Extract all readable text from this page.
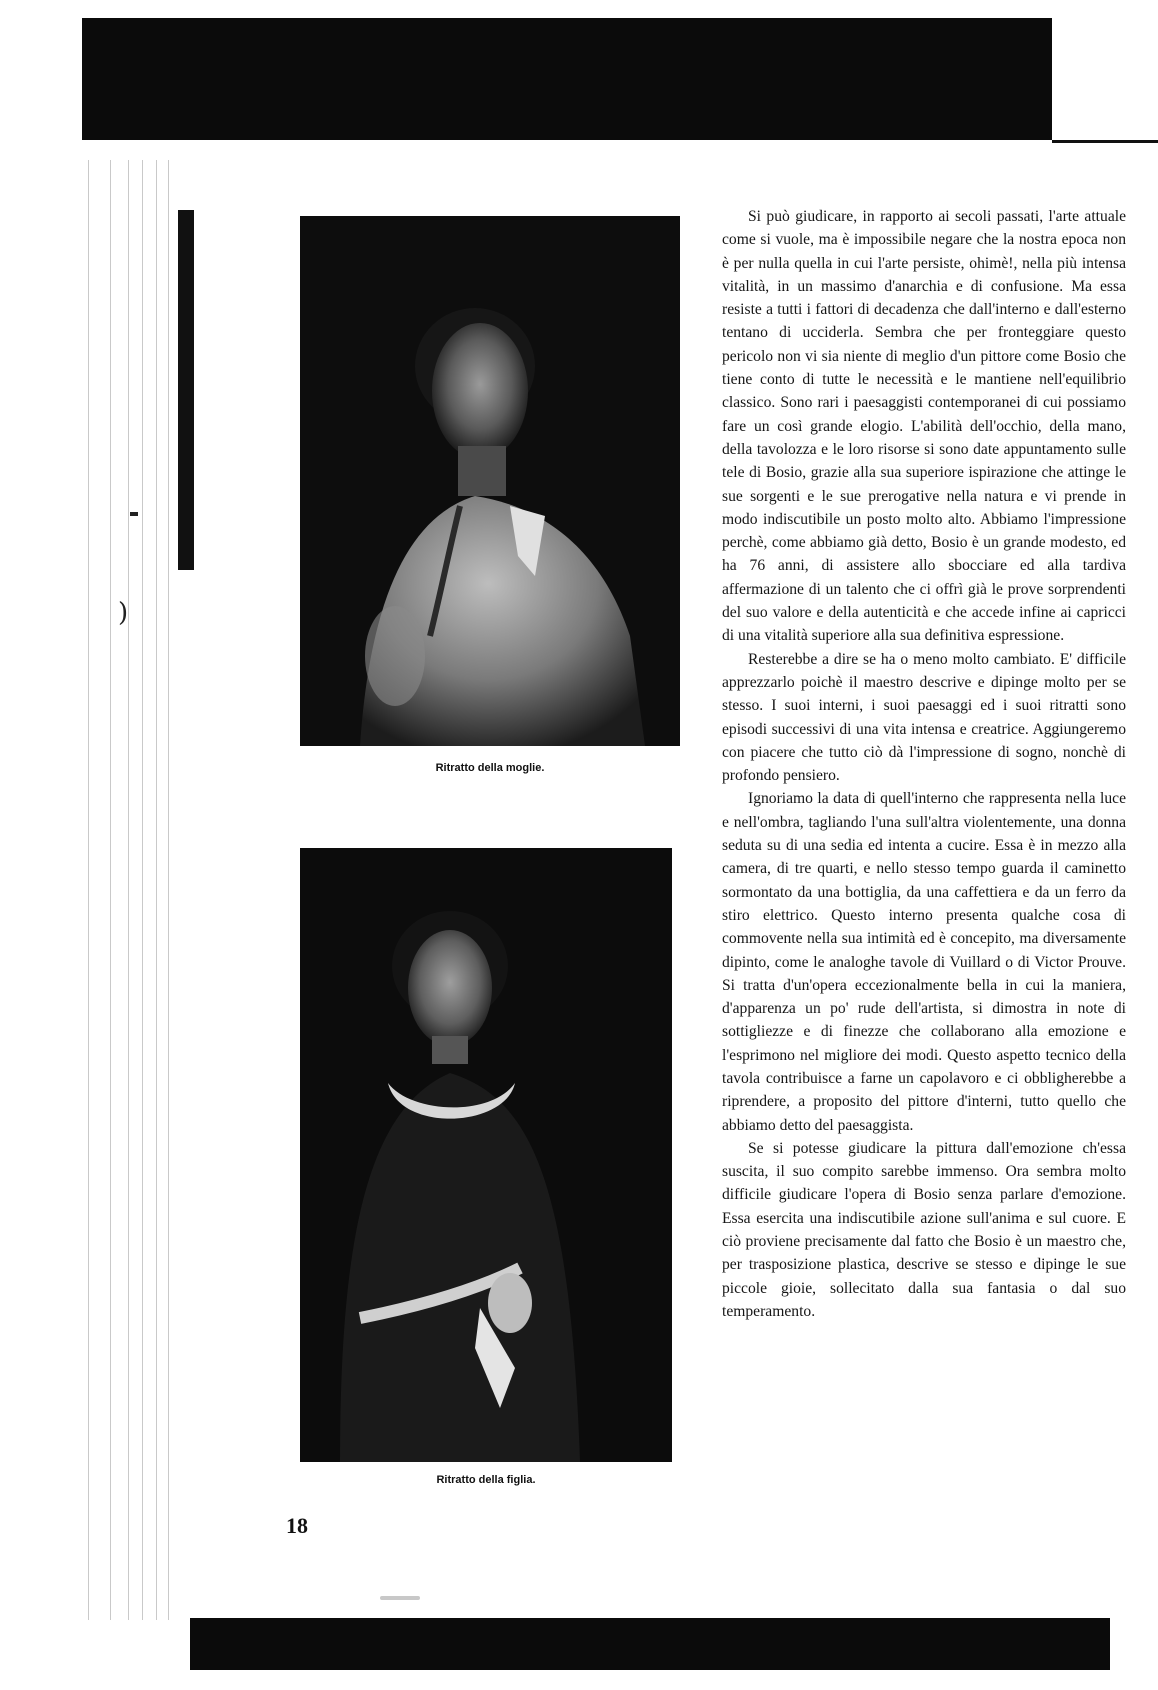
)
Ritratto della moglie.
Ritratto della figlia.
18

Si può giudicare, in rapporto ai secoli passati, l'arte attuale come si vuole, ma è impossibile negare che la nostra epoca non è per nulla quella in cui l'arte persiste, ohimè!, nella più intensa vitalità, in un massimo d'anarchia e di confusione. Ma essa resiste a tutti i fattori di decadenza che dall'interno e dall'esterno tentano di ucciderla. Sembra che per fronteggiare questo pericolo non vi sia niente di meglio d'un pittore come Bosio che tiene conto di tutte le necessità e le mantiene nell'equilibrio classico. Sono rari i paesaggisti contemporanei di cui possiamo fare un così grande elogio. L'abilità dell'occhio, della mano, della tavolozza e le loro risorse si sono date appuntamento sulle tele di Bosio, grazie alla sua superiore ispirazione che attinge le sue sorgenti e le sue prerogative nella natura e vi prende in modo indiscutibile un posto molto alto. Abbiamo l'impressione perchè, come abbiamo già detto, Bosio è un grande modesto, ed ha 76 anni, di assistere allo sbocciare ed alla tardiva affermazione di un talento che ci offrì già le prove sorprendenti del suo valore e della autenticità e che accede infine ai capricci di una vitalità superiore alla sua definitiva espressione.

Resterebbe a dire se ha o meno molto cambiato. E' difficile apprezzarlo poichè il maestro descrive e dipinge molto per se stesso. I suoi interni, i suoi paesaggi ed i suoi ritratti sono episodi successivi di una vita intensa e creatrice. Aggiungeremo con piacere che tutto ciò dà l'impressione di sogno, nonchè di profondo pensiero.

Ignoriamo la data di quell'interno che rappresenta nella luce e nell'ombra, tagliando l'una sull'altra violentemente, una donna seduta su di una sedia ed intenta a cucire. Essa è in mezzo alla camera, di tre quarti, e nello stesso tempo guarda il caminetto sormontato da una bottiglia, da una caffettiera e da un ferro da stiro elettrico. Questo interno presenta qualche cosa di commovente nella sua intimità ed è concepito, ma diversamente dipinto, come le analoghe tavole di Vuillard o di Victor Prouve. Si tratta d'un'opera eccezionalmente bella in cui la maniera, d'apparenza un po' rude dell'artista, si dimostra in note di sottigliezze e di finezze che collaborano alla emozione e l'esprimono nel migliore dei modi. Questo aspetto tecnico della tavola contribuisce a farne un capolavoro e ci obbligherebbe a riprendere, a proposito del pittore d'interni, tutto quello che abbiamo detto del paesaggista.

Se si potesse giudicare la pittura dall'emozione ch'essa suscita, il suo compito sarebbe immenso. Ora sembra molto difficile giudicare l'opera di Bosio senza parlare d'emozione. Essa esercita una indiscutibile azione sull'anima e sul cuore. E ciò proviene precisamente dal fatto che Bosio è un maestro che, per trasposizione plastica, descrive se stesso e dipinge le sue piccole gioie, sollecitato dalla sua fantasia o dal suo temperamento.
